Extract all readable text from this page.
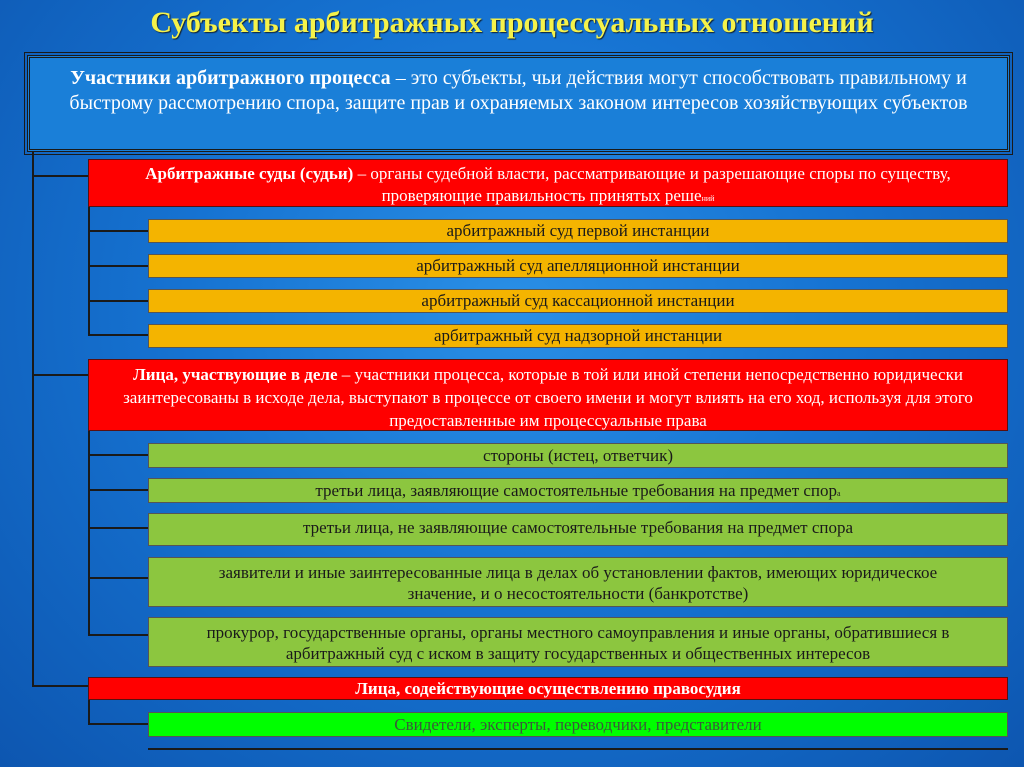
Субъекты арбитражных процессуальных отношений
Участники арбитражного процесса – это субъекты, чьи действия могут способствовать правильному и быстрому рассмотрению спора, защите прав и охраняемых законом интересов хозяйствующих субъектов
Арбитражные суды (судьи) – органы судебной власти, рассматривающие и разрешающие споры по существу, проверяющие правильность принятых решений
арбитражный суд первой инстанции
арбитражный суд апелляционной инстанции
арбитражный суд кассационной инстанции
арбитражный суд надзорной инстанции
Лица, участвующие в деле – участники процесса, которые в той или иной степени непосредственно юридически заинтересованы в исходе дела, выступают в процессе от своего имени и могут влиять на его ход, используя для этого предоставленные им процессуальные права
стороны (истец, ответчик)
третьи лица, заявляющие самостоятельные требования на предмет спора
третьи лица, не заявляющие самостоятельные требования на предмет спора
заявители и иные заинтересованные лица в делах об установлении фактов, имеющих юридическое значение, и о несостоятельности (банкротстве)
прокурор, государственные органы, органы местного самоуправления и иные органы, обратившиеся в арбитражный суд с иском в защиту государственных и общественных интересов
Лица, содействующие осуществлению правосудия
Свидетели, эксперты, переводчики, представители
